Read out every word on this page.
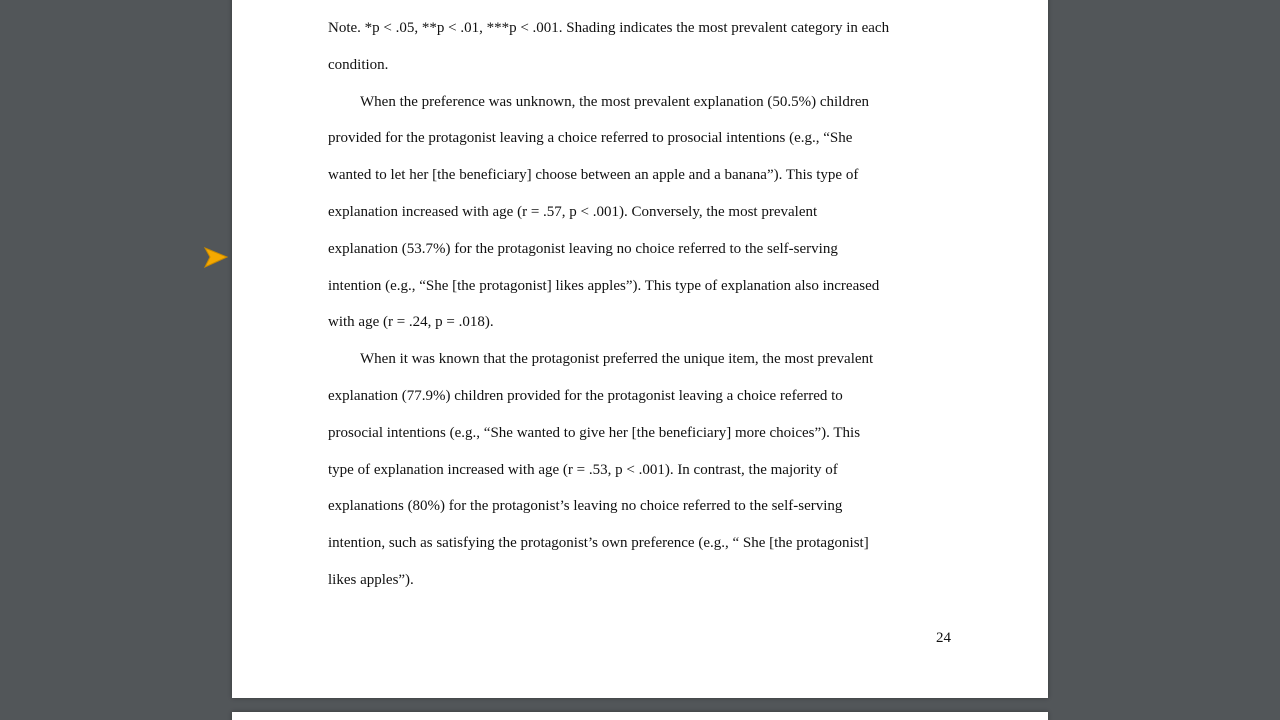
Note. *p < .05, **p < .01, ***p < .001. Shading indicates the most prevalent category in each
condition.
When the preference was unknown, the most prevalent explanation (50.5%) children
provided for the protagonist leaving a choice referred to prosocial intentions (e.g., “She
wanted to let her [the beneficiary] choose between an apple and a banana”). This type of
explanation increased with age (r = .57, p < .001). Conversely, the most prevalent
explanation (53.7%) for the protagonist leaving no choice referred to the self-serving
intention (e.g., “She [the protagonist] likes apples”). This type of explanation also increased
with age (r = .24, p = .018).
When it was known that the protagonist preferred the unique item, the most prevalent
explanation (77.9%) children provided for the protagonist leaving a choice referred to
prosocial intentions (e.g., “She wanted to give her [the beneficiary] more choices”). This
type of explanation increased with age (r = .53, p < .001). In contrast, the majority of
explanations (80%) for the protagonist’s leaving no choice referred to the self-serving
intention, such as satisfying the protagonist’s own preference (e.g., “ She [the protagonist]
likes apples”).
24
